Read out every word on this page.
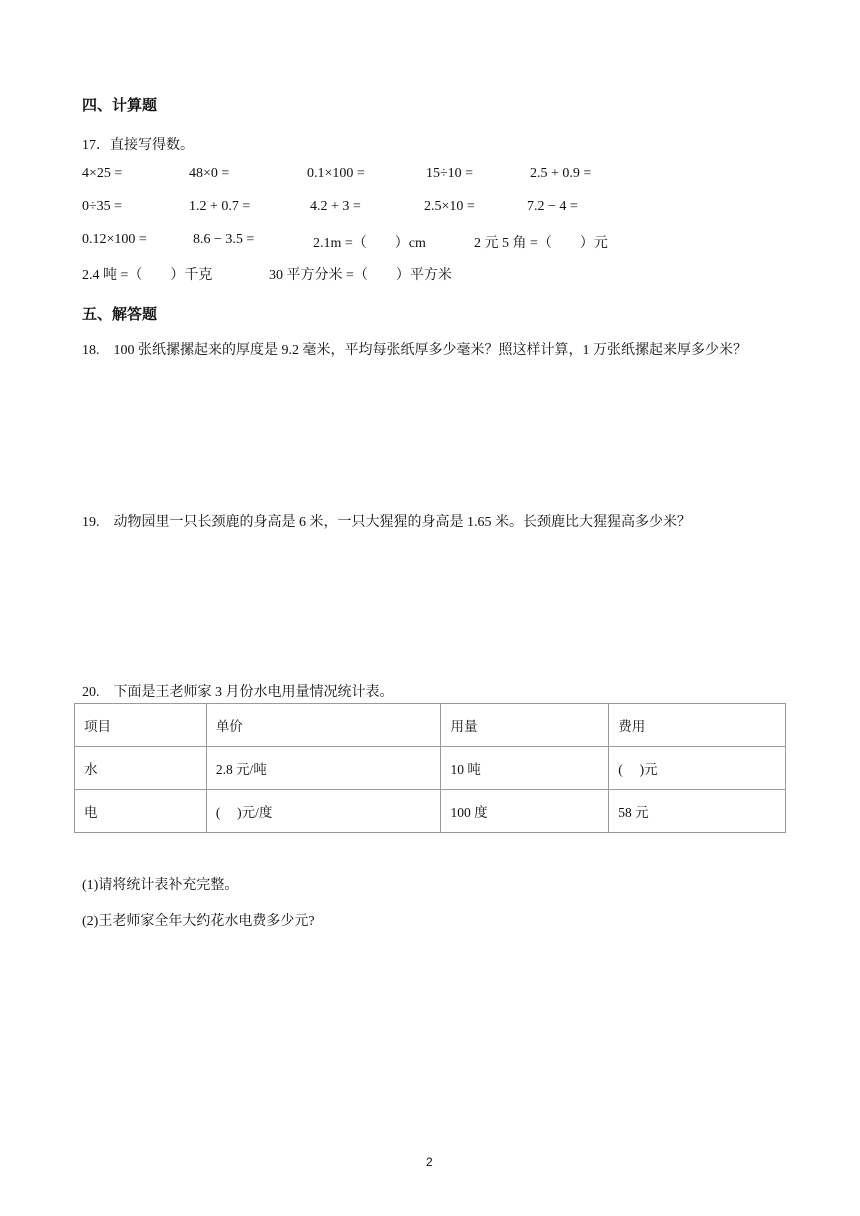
四、计算题
17．直接写得数。
4×25 =	48×0 =	0.1×100 =	15÷10 =	2.5 + 0.9 =
0÷35 =	1.2 + 0.7 =	4.2 + 3 =	2.5×10 =	7.2 − 4 =
0.12×100 =	8.6 − 3.5 =	2.1m =（　　）cm	2 元 5 角 =（　　）元
2.4 吨 =（　　）千克	30 平方分米 =（　　）平方米
五、解答题
18.　100 张纸摞摞起来的厚度是 9.2 毫米，平均每张纸厚多少毫米？照这样计算，1 万张纸摞起来厚多少米？
19.　动物园里一只长颈鹿的身高是 6 米，一只大猩猩的身高是 1.65 米。长颈鹿比大猩猩高多少米？
20.　下面是王老师家 3 月份水电用量情况统计表。
项目	单价	用量	费用
水	2.8 元/吨	10 吨	(　 )元
电	(　 )元/度	100 度	58 元
(1)请将统计表补充完整。
(2)王老师家全年大约花水电费多少元?
2
